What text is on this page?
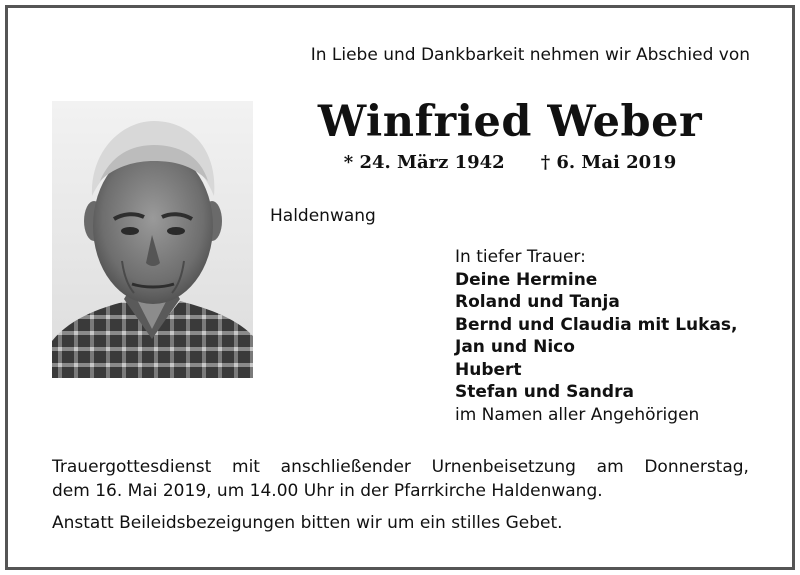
In Liebe und Dankbarkeit nehmen wir Abschied von
Winfried Weber
* 24. März 1942 † 6. Mai 2019
Haldenwang
In tiefer Trauer:
Deine Hermine
Roland und Tanja
Bernd und Claudia mit Lukas,
Jan und Nico
Hubert
Stefan und Sandra
im Namen aller Angehörigen
Trauergottesdienst mit anschließender Urnenbeisetzung am Donnerstag,
dem 16. Mai 2019, um 14.00 Uhr in der Pfarrkirche Haldenwang.
Anstatt Beileidsbezeigungen bitten wir um ein stilles Gebet.
